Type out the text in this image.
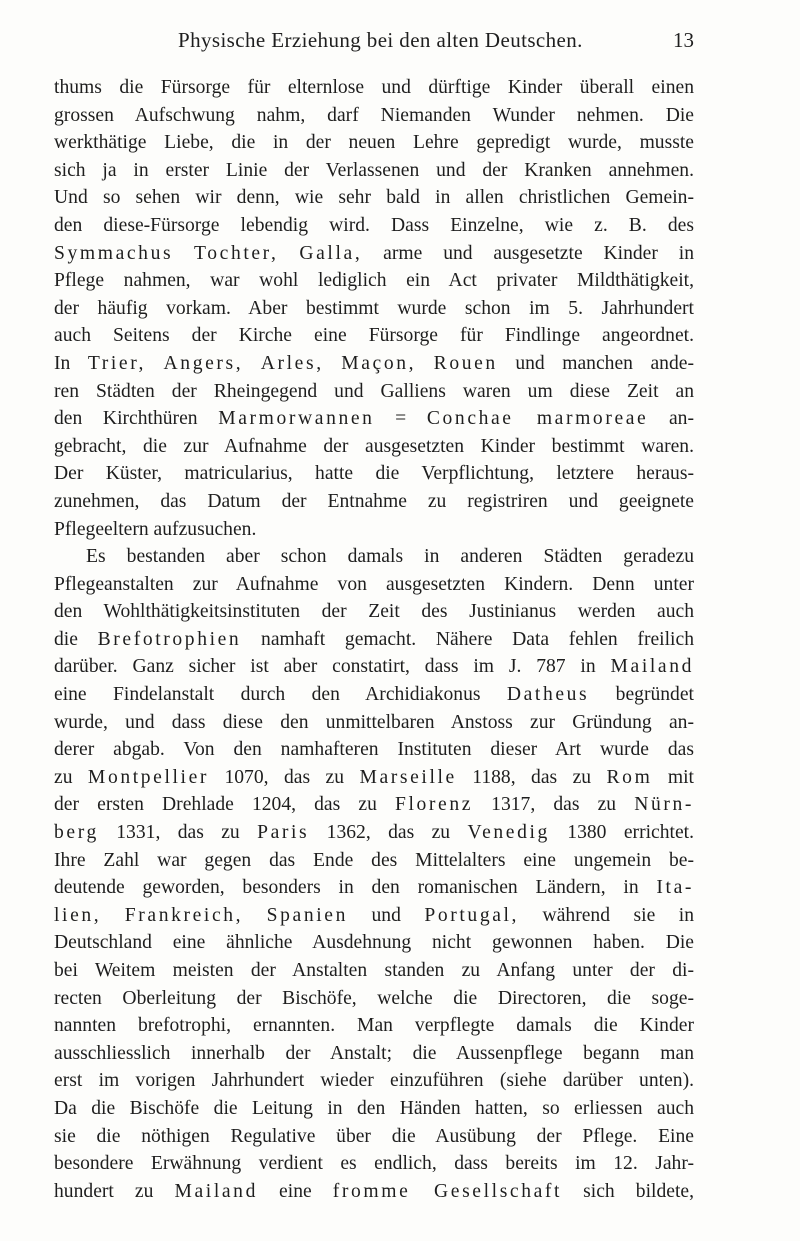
Physische Erziehung bei den alten Deutschen.	13
thums die Fürsorge für elternlose und dürftige Kinder überall einen
grossen Aufschwung nahm, darf Niemanden Wunder nehmen. Die
werkthätige Liebe, die in der neuen Lehre gepredigt wurde, musste
sich ja in erster Linie der Verlassenen und der Kranken annehmen.
Und so sehen wir denn, wie sehr bald in allen christlichen Gemein-
den diese-Fürsorge lebendig wird. Dass Einzelne, wie z. B. des
Symmachus Tochter, Galla, arme und ausgesetzte Kinder in
Pflege nahmen, war wohl lediglich ein Act privater Mildthätigkeit,
der häufig vorkam. Aber bestimmt wurde schon im 5. Jahrhundert
auch Seitens der Kirche eine Fürsorge für Findlinge angeordnet.
In Trier, Angers, Arles, Maçon, Rouen und manchen ande-
ren Städten der Rheingegend und Galliens waren um diese Zeit an
den Kirchthüren Marmorwannen = Conchae marmoreae an-
gebracht, die zur Aufnahme der ausgesetzten Kinder bestimmt waren.
Der Küster, matricularius, hatte die Verpflichtung, letztere heraus-
zunehmen, das Datum der Entnahme zu registriren und geeignete
Pflegeeltern aufzusuchen.
Es bestanden aber schon damals in anderen Städten geradezu
Pflegeanstalten zur Aufnahme von ausgesetzten Kindern. Denn unter
den Wohlthätigkeitsinstituten der Zeit des Justinianus werden auch
die Brefotrophien namhaft gemacht. Nähere Data fehlen freilich
darüber. Ganz sicher ist aber constatirt, dass im J. 787 in Mailand
eine Findelanstalt durch den Archidiakonus Datheus begründet
wurde, und dass diese den unmittelbaren Anstoss zur Gründung an-
derer abgab. Von den namhafteren Instituten dieser Art wurde das
zu Montpellier 1070, das zu Marseille 1188, das zu Rom mit
der ersten Drehlade 1204, das zu Florenz 1317, das zu Nürn-
berg 1331, das zu Paris 1362, das zu Venedig 1380 errichtet.
Ihre Zahl war gegen das Ende des Mittelalters eine ungemein be-
deutende geworden, besonders in den romanischen Ländern, in Ita-
lien, Frankreich, Spanien und Portugal, während sie in
Deutschland eine ähnliche Ausdehnung nicht gewonnen haben. Die
bei Weitem meisten der Anstalten standen zu Anfang unter der di-
recten Oberleitung der Bischöfe, welche die Directoren, die soge-
nannten brefotrophi, ernannten. Man verpflegte damals die Kinder
ausschliesslich innerhalb der Anstalt; die Aussenpflege begann man
erst im vorigen Jahrhundert wieder einzuführen (siehe darüber unten).
Da die Bischöfe die Leitung in den Händen hatten, so erliessen auch
sie die nöthigen Regulative über die Ausübung der Pflege. Eine
besondere Erwähnung verdient es endlich, dass bereits im 12. Jahr-
hundert zu Mailand eine fromme Gesellschaft sich bildete,
